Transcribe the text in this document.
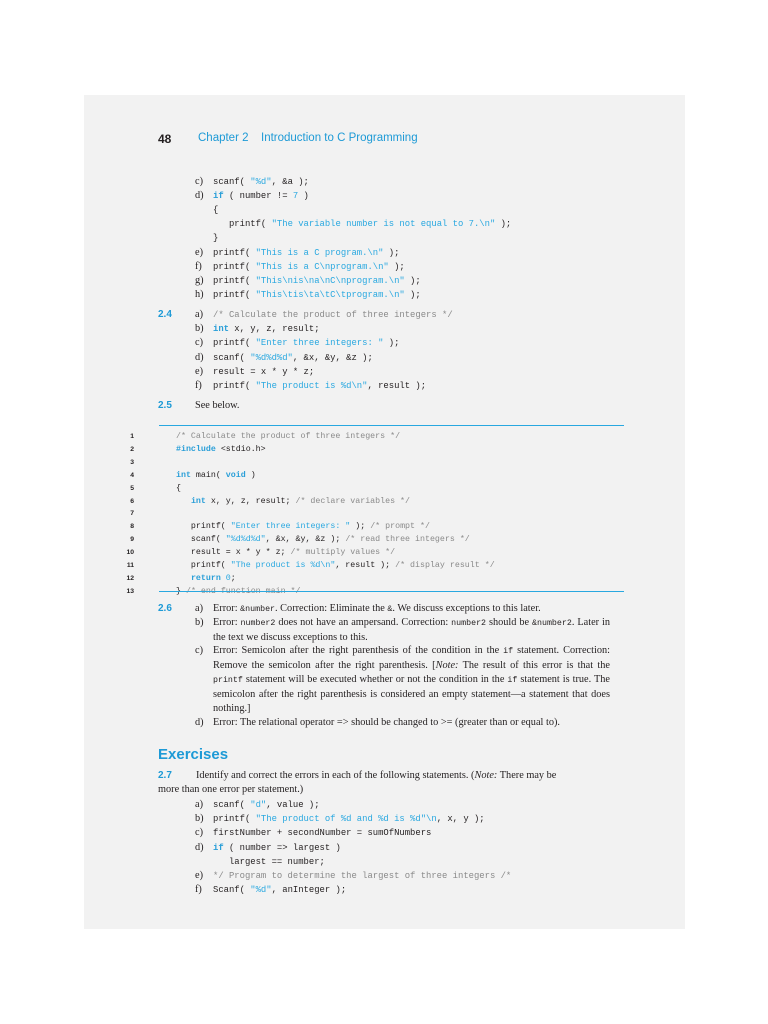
48 Chapter 2 Introduction to C Programming
c) scanf( "%d", &a );
d) if ( number != 7 )
{
printf( "The variable number is not equal to 7.\n" );
}
e) printf( "This is a C program.\n" );
f) printf( "This is a C\nprogram.\n" );
g) printf( "This\nis\na\nC\nprogram.\n" );
h) printf( "This\tis\ta\tC\tprogram.\n" );
2.4 a) /* Calculate the product of three integers */
b) int x, y, z, result;
c) printf( "Enter three integers: " );
d) scanf( "%d%d%d", &x, &y, &z );
e) result = x * y * z;
f) printf( "The product is %d\n", result );
2.5 See below.
1	/* Calculate the product of three integers */
2	#include <stdio.h>
3
4	int main( void )
5	{
6	int x, y, z, result; /* declare variables */
7
8	printf( "Enter three integers: " ); /* prompt */
9	scanf( "%d%d%d", &x, &y, &z ); /* read three integers */
10	result = x * y * z; /* multiply values */
11	printf( "The product is %d\n", result ); /* display result */
12	return 0;
13
2.6 a) Error: &number. Correction: Eliminate the &. We discuss exceptions to this later.
b) Error: number2 does not have an ampersand. Correction: number2 should be &number2. Later in the text we discuss exceptions to this.
c) Error: Semicolon after the right parenthesis of the condition in the if statement. Correction: Remove the semicolon after the right parenthesis. [Note: The result of this error is that the printf statement will be executed whether or not the condition in the if statement is true. The semicolon after the right parenthesis is considered an empty statement—a statement that does nothing.]
d) Error: The relational operator => should be changed to >= (greater than or equal to).
Exercises
2.7 Identify and correct the errors in each of the following statements. (Note: There may be
more than one error per statement.)
a) scanf( "d", value );
b) printf( "The product of %d and %d is %d"\n, x, y );
c) firstNumber + secondNumber = sumOfNumbers
d) if ( number => largest )
largest == number;
e) */ Program to determine the largest of three integers /*
f) Scanf( "%d", anInteger );
